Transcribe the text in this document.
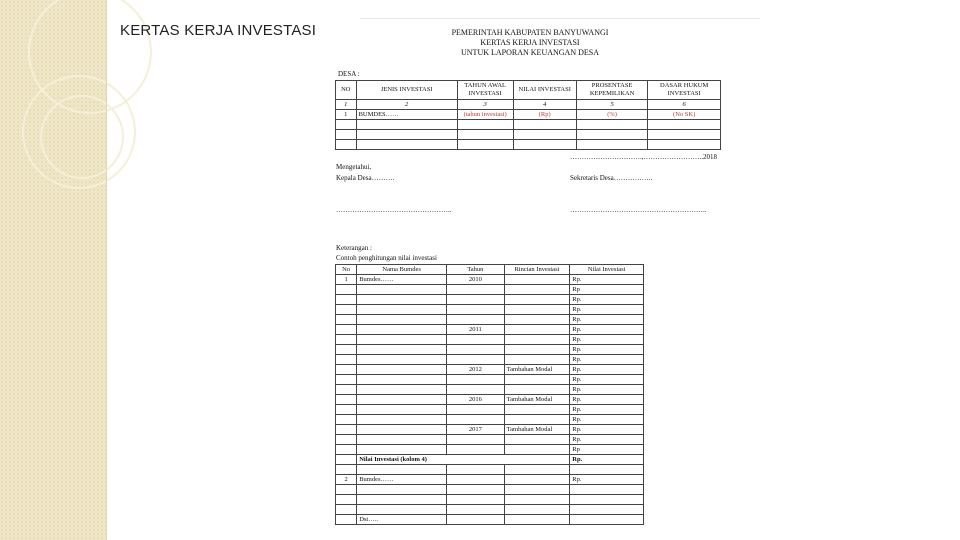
KERTAS KERJA INVESTASI	PEMERINTAH KABUPATEN BANYUWANGI
KERTAS KERJA INVESTASI
UNTUK LAPORAN KEUANGAN DESA
DESA :
NO	JENIS INVESTASI	TAHUN AWAL INVESTASI	NILAI INVESTASI	PROSENTASE KEPEMILIKAN	DASAR HUKUM INVESTASI
1	2	3	4	5	6
1	BUMDES……	(tahun investasi)	(Rp)	(%)	(No SK)

………………………….,……………………..2018
Mengetahui,
Kepala Desa……….	Sekretaris Desa……………..
…………………………………………..	…………………………………………………..
Keterangan :
Contoh penghitungan nilai investasi
No	Nama Bumdes	Tahun	Rincian Investasi	Nilai Investasi
1	Bumdes……	2010		Rp.
				Rp
				Rp.
				Rp.
				Rp.
		2011		Rp.
				Rp.
				Rp.
				Rp.
		2012	Tambahan Modal	Rp.
				Rp.
				Rp.
		2016	Tambahan Modal	Rp.
				Rp.
				Rp.
		2017	Tambahan Modal	Rp.
				Rp.
				Rp
	Nilai Investasi (kolom 4)			Rp.

2	Bumdes……			Rp.

	Dst…..			
